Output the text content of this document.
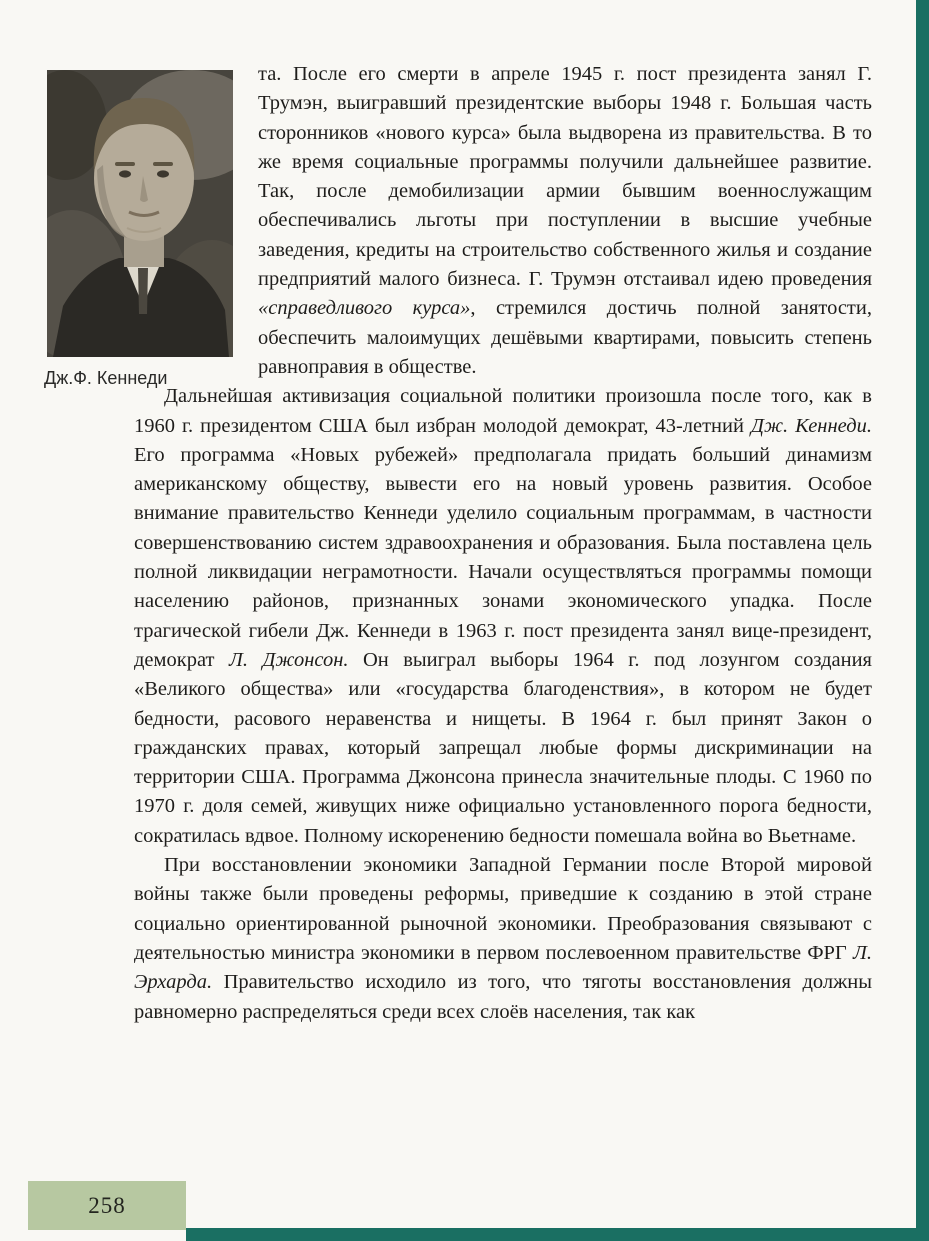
258
Дж.Ф. Кеннеди

та. После его смерти в апреле 1945 г. пост президента занял Г. Трумэн, выигравший президентские выборы 1948 г. Большая часть сторонников «нового курса» была выдворена из правительства. В то же время социальные программы получили дальнейшее развитие. Так, после демобилизации армии бывшим военнослужащим обеспечивались льготы при поступлении в высшие учебные заведения, кредиты на строительство собственного жилья и создание предприятий малого бизнеса. Г. Трумэн отстаивал идею проведения «справедливого курса», стремился достичь полной занятости, обеспечить малоимущих дешёвыми квартирами, повысить степень равноправия в обществе.

Дальнейшая активизация социальной политики произошла после того, как в 1960 г. президентом США был избран молодой демократ, 43-летний Дж. Кеннеди. Его программа «Новых рубежей» предполагала придать больший динамизм американскому обществу, вывести его на новый уровень развития. Особое внимание правительство Кеннеди уделило социальным программам, в частности совершенствованию систем здравоохранения и образования. Была поставлена цель полной ликвидации неграмотности. Начали осуществляться программы помощи населению районов, признанных зонами экономического упадка. После трагической гибели Дж. Кеннеди в 1963 г. пост президента занял вице-президент, демократ Л. Джонсон. Он выиграл выборы 1964 г. под лозунгом создания «Великого общества» или «государства благоденствия», в котором не будет бедности, расового неравенства и нищеты. В 1964 г. был принят Закон о гражданских правах, который запрещал любые формы дискриминации на территории США. Программа Джонсона принесла значительные плоды. С 1960 по 1970 г. доля семей, живущих ниже официально установленного порога бедности, сократилась вдвое. Полному искоренению бедности помешала война во Вьетнаме.

При восстановлении экономики Западной Германии после Второй мировой войны также были проведены реформы, приведшие к созданию в этой стране социально ориентированной рыночной экономики. Преобразования связывают с деятельностью министра экономики в первом послевоенном правительстве ФРГ Л. Эрхарда. Правительство исходило из того, что тяготы восстановления должны равномерно распределяться среди всех слоёв населения, так как
